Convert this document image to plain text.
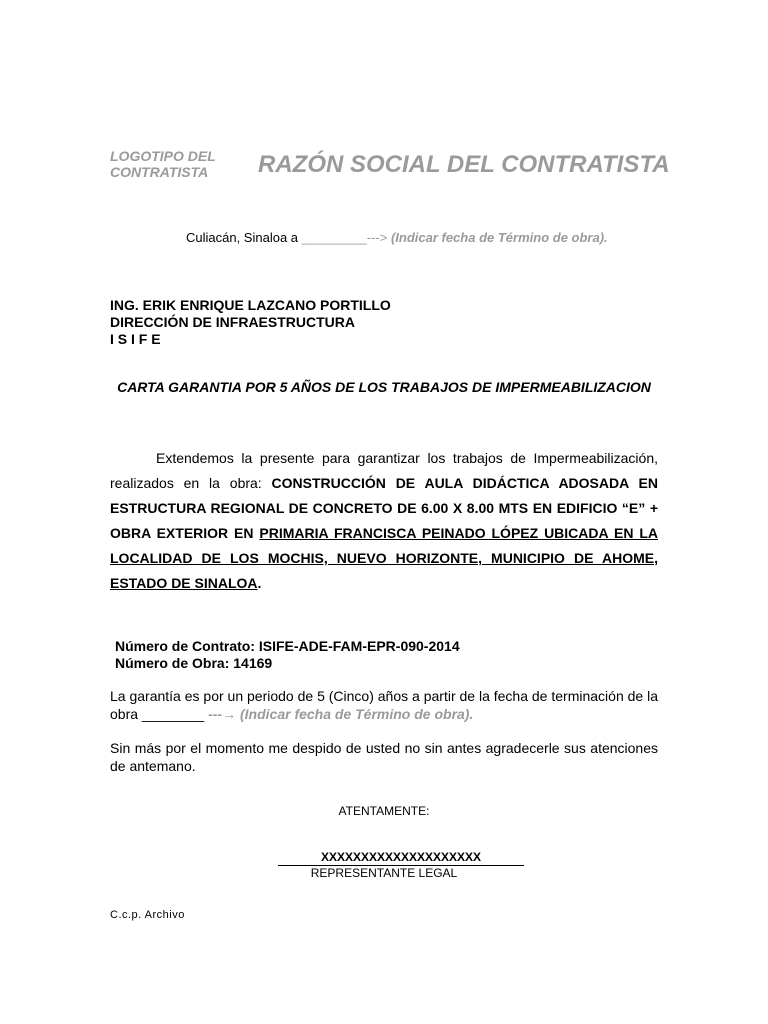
LOGOTIPO DEL
CONTRATISTA	RAZÓN SOCIAL DEL CONTRATISTA
Culiacán, Sinaloa a _________---> (Indicar fecha de Término de obra).
ING. ERIK ENRIQUE LAZCANO PORTILLO
DIRECCIÓN DE INFRAESTRUCTURA
I S I F E
CARTA GARANTIA POR 5 AÑOS DE LOS TRABAJOS DE IMPERMEABILIZACION
Extendemos la presente para garantizar los trabajos de Impermeabilización, realizados en la obra: CONSTRUCCIÓN DE AULA DIDÁCTICA ADOSADA EN ESTRUCTURA REGIONAL DE CONCRETO DE 6.00 X 8.00 MTS EN EDIFICIO “E” + OBRA EXTERIOR EN PRIMARIA FRANCISCA PEINADO LÓPEZ UBICADA EN LA LOCALIDAD DE LOS MOCHIS, NUEVO HORIZONTE, MUNICIPIO DE AHOME, ESTADO DE SINALOA.
Número de Contrato: ISIFE-ADE-FAM-EPR-090-2014
Número de Obra: 14169
La garantía es por un periodo de 5 (Cinco) años a partir de la fecha de terminación de la obra ________ ---→ (Indicar fecha de Término de obra).
Sin más por el momento me despido de usted no sin antes agradecerle sus atenciones de antemano.
ATENTAMENTE:
XXXXXXXXXXXXXXXXXXXX
REPRESENTANTE LEGAL
C.c.p. Archivo
